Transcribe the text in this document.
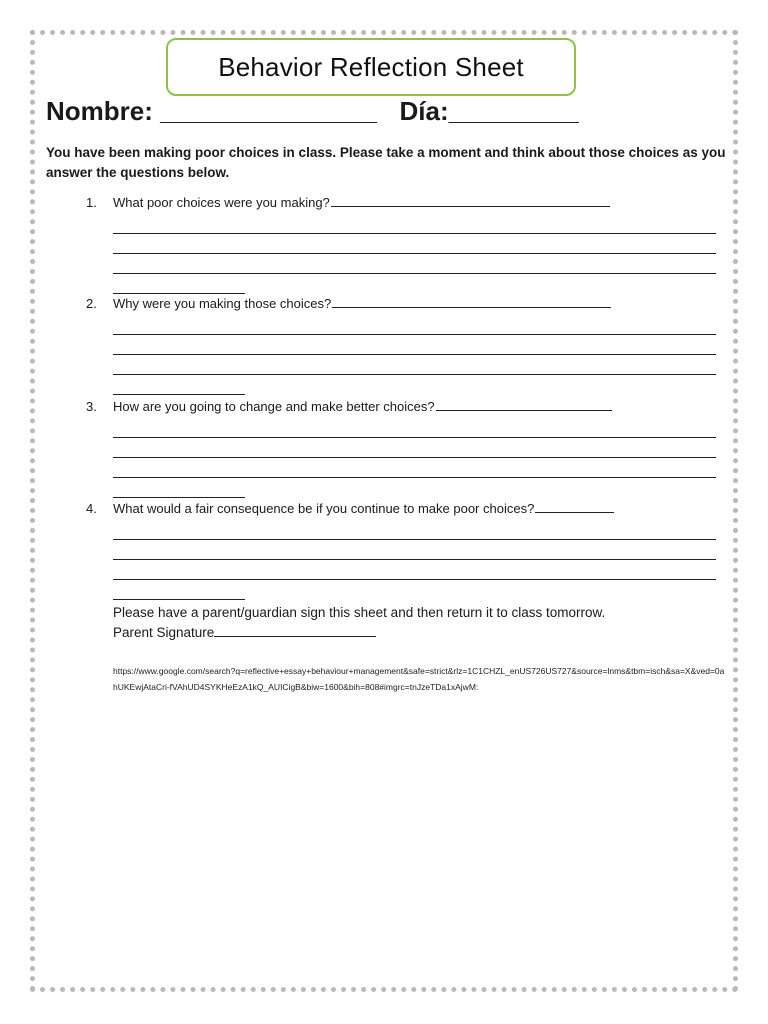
Behavior Reflection Sheet
Nombre: _______________ Día:_________
You have been making poor choices in class. Please take a moment and think about those choices as you answer the questions below.
1.	What poor choices were you making?
2.	Why were you making those choices?
3.	How are you going to change and make better choices?
4.	What would a fair consequence be if you continue to make poor choices?
Please have a parent/guardian sign this sheet and then return it to class tomorrow.
Parent Signature
https://www.google.com/search?q=reflective+essay+behaviour+management&safe=strict&rlz=1C1CHZL_enUS726US727&source=lnms&tbm=isch&sa=X&ved=0ahUKEwjAtaCri-fVAhUD4SYKHeEzA1kQ_AUICigB&biw=1600&bih=808#imgrc=tnJzeTDa1xAjwM:
